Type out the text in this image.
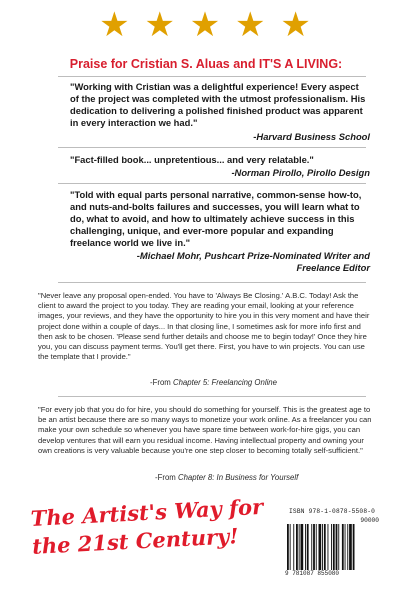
★ ★ ★ ★ ★
Praise for Cristian S. Aluas and IT'S A LIVING:
"Working with Cristian was a delightful experience! Every aspect of the project was completed with the utmost professionalism. His dedication to delivering a polished finished product was apparent in every interaction we had."
-Harvard Business School
"Fact-filled book... unpretentious... and very relatable."
-Norman Pirollo, Pirollo Design
"Told with equal parts personal narrative, common-sense how-to, and nuts-and-bolts failures and successes, you will learn what to do, what to avoid, and how to ultimately achieve success in this challenging, unique, and ever-more popular and expanding freelance world we live in."
-Michael Mohr, Pushcart Prize-Nominated Writer and Freelance Editor
"Never leave any proposal open-ended. You have to 'Always Be Closing.' A.B.C. Today! Ask the client to award the project to you today. They are reading your email, looking at your reference images, your reviews, and they have the opportunity to hire you in this very moment and have their project done within a couple of days... In that closing line, I sometimes ask for more info first and then ask to be chosen. 'Please send further details and choose me to begin today!' Once they hire you, you can discuss payment terms. You'll get there. First, you have to win projects. You can use the template that I provide."
-From Chapter 5: Freelancing Online
"For every job that you do for hire, you should do something for yourself. This is the greatest age to be an artist because there are so many ways to monetize your work online. As a freelancer you can make your own schedule so whenever you have spare time between work-for-hire gigs, you can develop ventures that will earn you residual income. Having intellectual property and owning your own creations is very valuable because you're one step closer to becoming totally self-sufficient."
-From Chapter 8: In Business for Yourself
The Artist's Way for the 21st Century!
ISBN 978-1-0878-5508-0
90000
9 781087 855080
